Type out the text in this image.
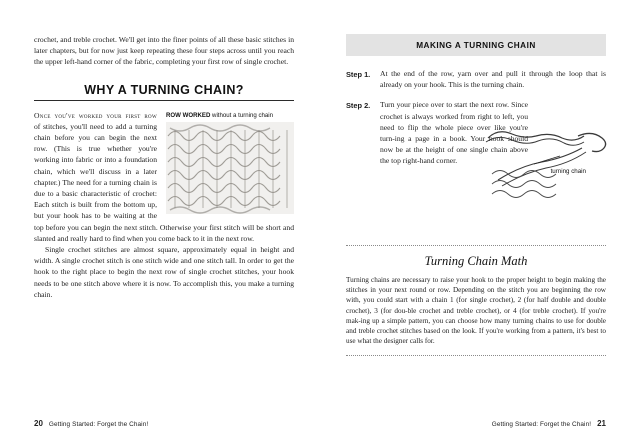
crochet, and treble crochet. We'll get into the finer points of all these basic stitches in later chapters, but for now just keep repeating these four steps across until you reach the upper left-hand corner of the fabric, completing your first row of single crochet.

WHY A TURNING CHAIN?
ROW WORKED without a turning chain

Once you've worked your first row of stitches, you'll need to add a turning chain before you can begin the next row. (This is true whether you're working into fabric or into a foundation chain, which we'll discuss in a later chapter.) The need for a turning chain is due to a basic characteristic of crochet: Each stitch is built from the bottom up, but your hook has to be waiting at the top before you can begin the next stitch. Otherwise your first stitch will be short and slanted and really hard to find when you come back to it in the next row.

Single crochet stitches are almost square, approximately equal in height and width. A single crochet stitch is one stitch wide and one stitch tall. In order to get the hook to the right place to begin the next row of single crochet stitches, your hook needs to be one stitch above where it is now. To accomplish this, you make a turning chain.

20 Getting Started: Forget the Chain!
MAKING A TURNING CHAIN
Step 1.	At the end of the row, yarn over and pull it through the loop that is already on your hook. This is the turning chain.
Step 2.	Turn your piece over to start the next row. Since crochet is always worked from right to left, you need to flip the whole piece over like you're turn-ing a page in a book. Your hook should now be at the height of one single chain above the top right-hand corner.
turning chain
Turning Chain Math
Turning chains are necessary to raise your hook to the proper height to begin making the stitches in your next round or row. Depending on the stitch you are beginning the row with, you could start with a chain 1 (for single crochet), 2 (for half double and double crochet), 3 (for dou-ble crochet and treble crochet), or 4 (for treble crochet). If you're mak-ing up a simple pattern, you can choose how many turning chains to use for double and treble crochet stitches based on the look. If you're working from a pattern, it's best to use what the designer calls for.
Getting Started: Forget the Chain! 21
